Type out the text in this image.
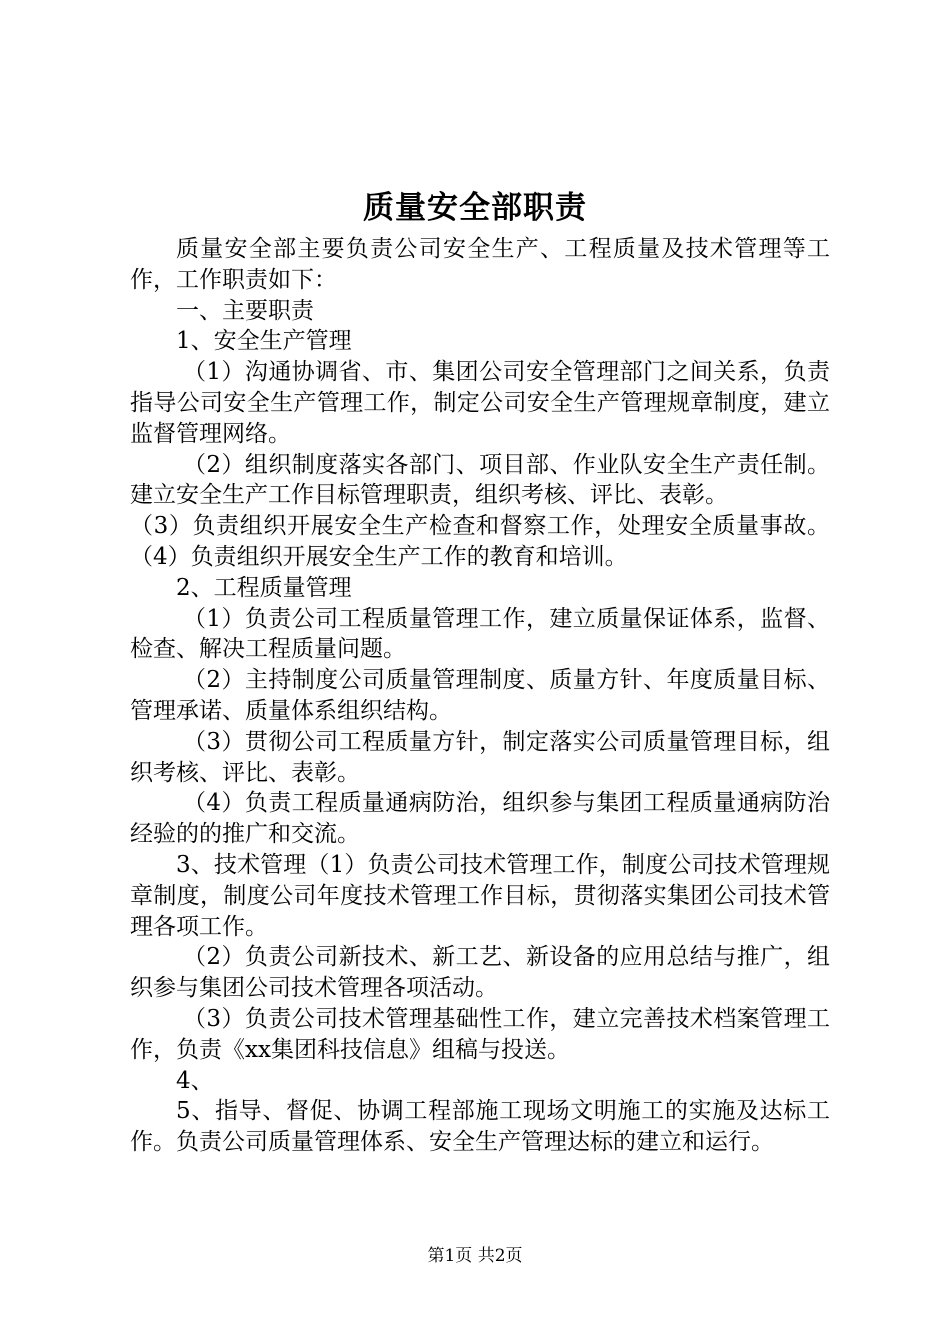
质量安全部职责

质量安全部主要负责公司安全生产、工程质量及技术管理等工作，工作职责如下：

一、主要职责

1、安全生产管理

（1）沟通协调省、市、集团公司安全管理部门之间关系，负责指导公司安全生产管理工作，制定公司安全生产管理规章制度，建立监督管理网络。

（2）组织制度落实各部门、项目部、作业队安全生产责任制。建立安全生产工作目标管理职责，组织考核、评比、表彰。

（3）负责组织开展安全生产检查和督察工作，处理安全质量事故。（4）负责组织开展安全生产工作的教育和培训。

2、工程质量管理

（1）负责公司工程质量管理工作，建立质量保证体系，监督、检查、解决工程质量问题。

（2）主持制度公司质量管理制度、质量方针、年度质量目标、管理承诺、质量体系组织结构。

（3）贯彻公司工程质量方针，制定落实公司质量管理目标，组织考核、评比、表彰。

（4）负责工程质量通病防治，组织参与集团工程质量通病防治经验的的推广和交流。

3、技术管理（1）负责公司技术管理工作，制度公司技术管理规章制度，制度公司年度技术管理工作目标，贯彻落实集团公司技术管理各项工作。

（2）负责公司新技术、新工艺、新设备的应用总结与推广，组织参与集团公司技术管理各项活动。

（3）负责公司技术管理基础性工作，建立完善技术档案管理工作，负责《xx集团科技信息》组稿与投送。

4、

5、指导、督促、协调工程部施工现场文明施工的实施及达标工作。负责公司质量管理体系、安全生产管理达标的建立和运行。

第1页 共2页
